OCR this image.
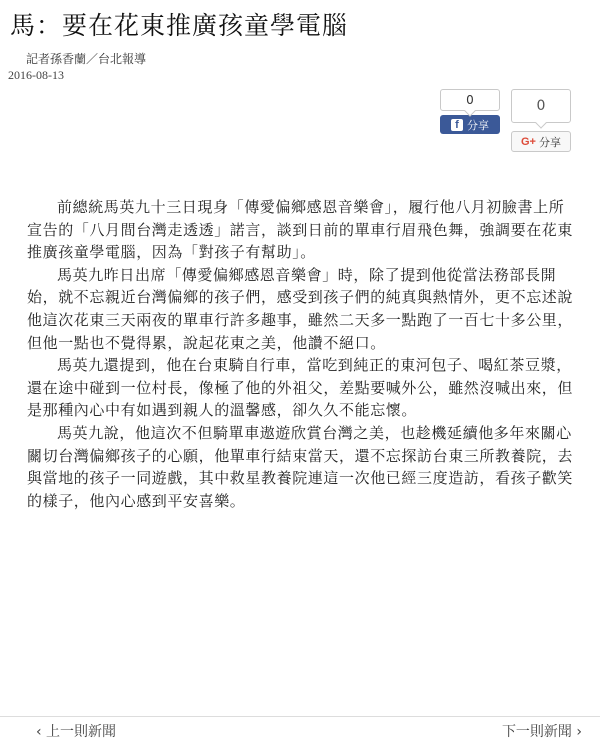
馬：要在花東推廣孩童學電腦
記者孫香蘭／台北報導
2016-08-13
0
f 分享
0
G+ 分享

前總統馬英九十三日現身「傳愛偏鄉感恩音樂會」，履行他八月初臉書上所宣告的「八月間台灣走透透」諾言，談到日前的單車行眉飛色舞，強調要在花東推廣孩童學電腦，因為「對孩子有幫助」。

馬英九昨日出席「傳愛偏鄉感恩音樂會」時，除了提到他從當法務部長開始，就不忘親近台灣偏鄉的孩子們，感受到孩子們的純真與熱情外，更不忘述說他這次花東三天兩夜的單車行許多趣事，雖然二天多一點跑了一百七十多公里，但他一點也不覺得累，說起花東之美，他讚不絕口。

馬英九還提到，他在台東騎自行車，當吃到純正的東河包子、喝紅茶豆漿，還在途中碰到一位村長，像極了他的外祖父，差點要喊外公，雖然沒喊出來，但是那種內心中有如遇到親人的溫馨感，卻久久不能忘懷。

馬英九說，他這次不但騎單車遨遊欣賞台灣之美，也趁機延續他多年來關心關切台灣偏鄉孩子的心願，他單車行結束當天，還不忘探訪台東三所教養院，去與當地的孩子一同遊戲，其中救星教養院連這一次他已經三度造訪，看孩子歡笑的樣子，他內心感到平安喜樂。

‹ 上一則新聞	下一則新聞 ›
